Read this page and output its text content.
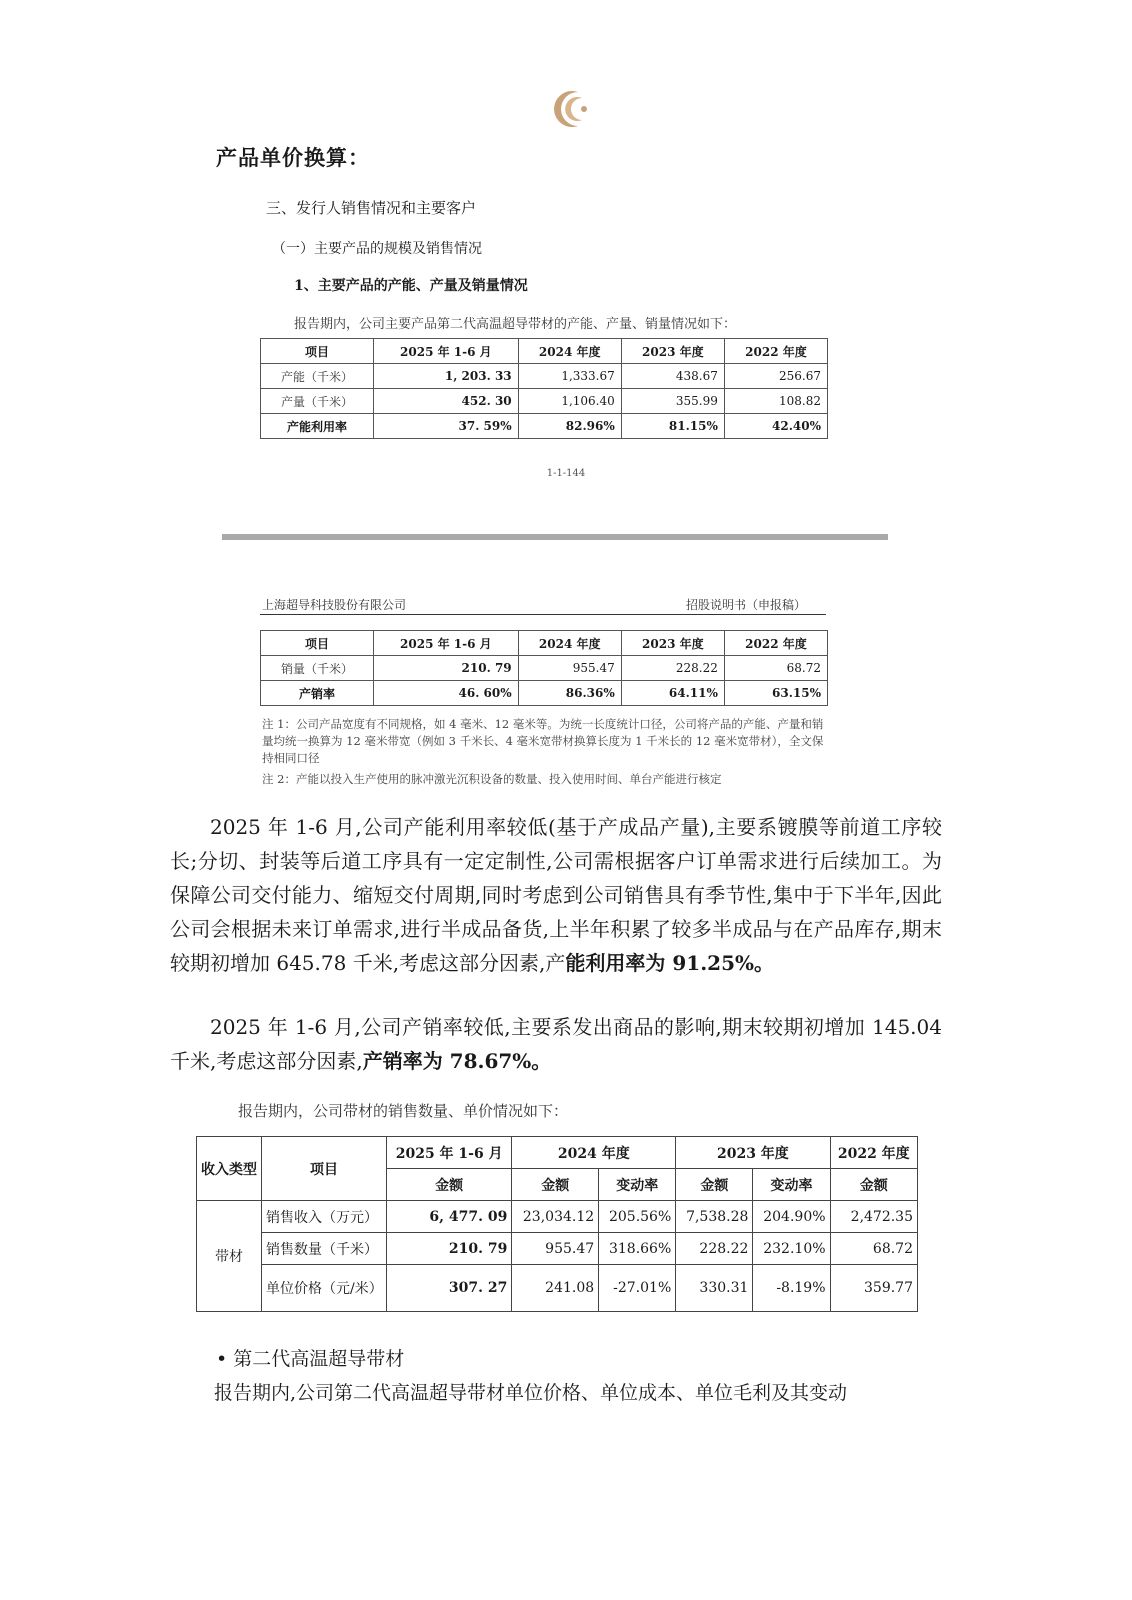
产品单价换算：
三、发行人销售情况和主要客户
（一）主要产品的规模及销售情况
1、主要产品的产能、产量及销量情况
报告期内，公司主要产品第二代高温超导带材的产能、产量、销量情况如下：
项目	2025 年 1-6 月	2024 年度	2023 年度	2022 年度
产能（千米）	1, 203. 33	1,333.67	438.67	256.67
产量（千米）	452. 30	1,106.40	355.99	108.82
产能利用率	37. 59%	82.96%	81.15%	42.40%
1-1-144
上海超导科技股份有限公司	招股说明书（申报稿）
项目	2025 年 1-6 月	2024 年度	2023 年度	2022 年度
销量（千米）	210. 79	955.47	228.22	68.72
产销率	46. 60%	86.36%	64.11%	63.15%

注 1：公司产品宽度有不同规格，如 4 毫米、12 毫米等。为统一长度统计口径，公司将产品的产能、产量和销量均统一换算为 12 毫米带宽（例如 3 千米长、4 毫米宽带材换算长度为 1 千米长的 12 毫米宽带材），全文保持相同口径

注 2：产能以投入生产使用的脉冲激光沉积设备的数量、投入使用时间、单台产能进行核定

2025 年 1-6 月,公司产能利用率较低(基于产成品产量),主要系镀膜等前道工序较长;分切、封装等后道工序具有一定定制性,公司需根据客户订单需求进行后续加工。为保障公司交付能力、缩短交付周期,同时考虑到公司销售具有季节性,集中于下半年,因此公司会根据未来订单需求,进行半成品备货,上半年积累了较多半成品与在产品库存,期末较期初增加 645.78 千米,考虑这部分因素,产能利用率为 91.25%。

2025 年 1-6 月,公司产销率较低,主要系发出商品的影响,期末较期初增加 145.04 千米,考虑这部分因素,产销率为 78.67%。

报告期内，公司带材的销售数量、单价情况如下：
收入类型	项目	2025 年 1-6 月	2024 年度		2023 年度		2022 年度
		金额	金额	变动率	金额	变动率	金额
带材	销售收入（万元）	6, 477. 09	23,034.12	205.56%	7,538.28	204.90%	2,472.35
	销售数量（千米）	210. 79	955.47	318.66%	228.22	232.10%	68.72
	单位价格（元/米）	307. 27	241.08	-27.01%	330.31	-8.19%	359.77
• 第二代高温超导带材
报告期内,公司第二代高温超导带材单位价格、单位成本、单位毛利及其变动
